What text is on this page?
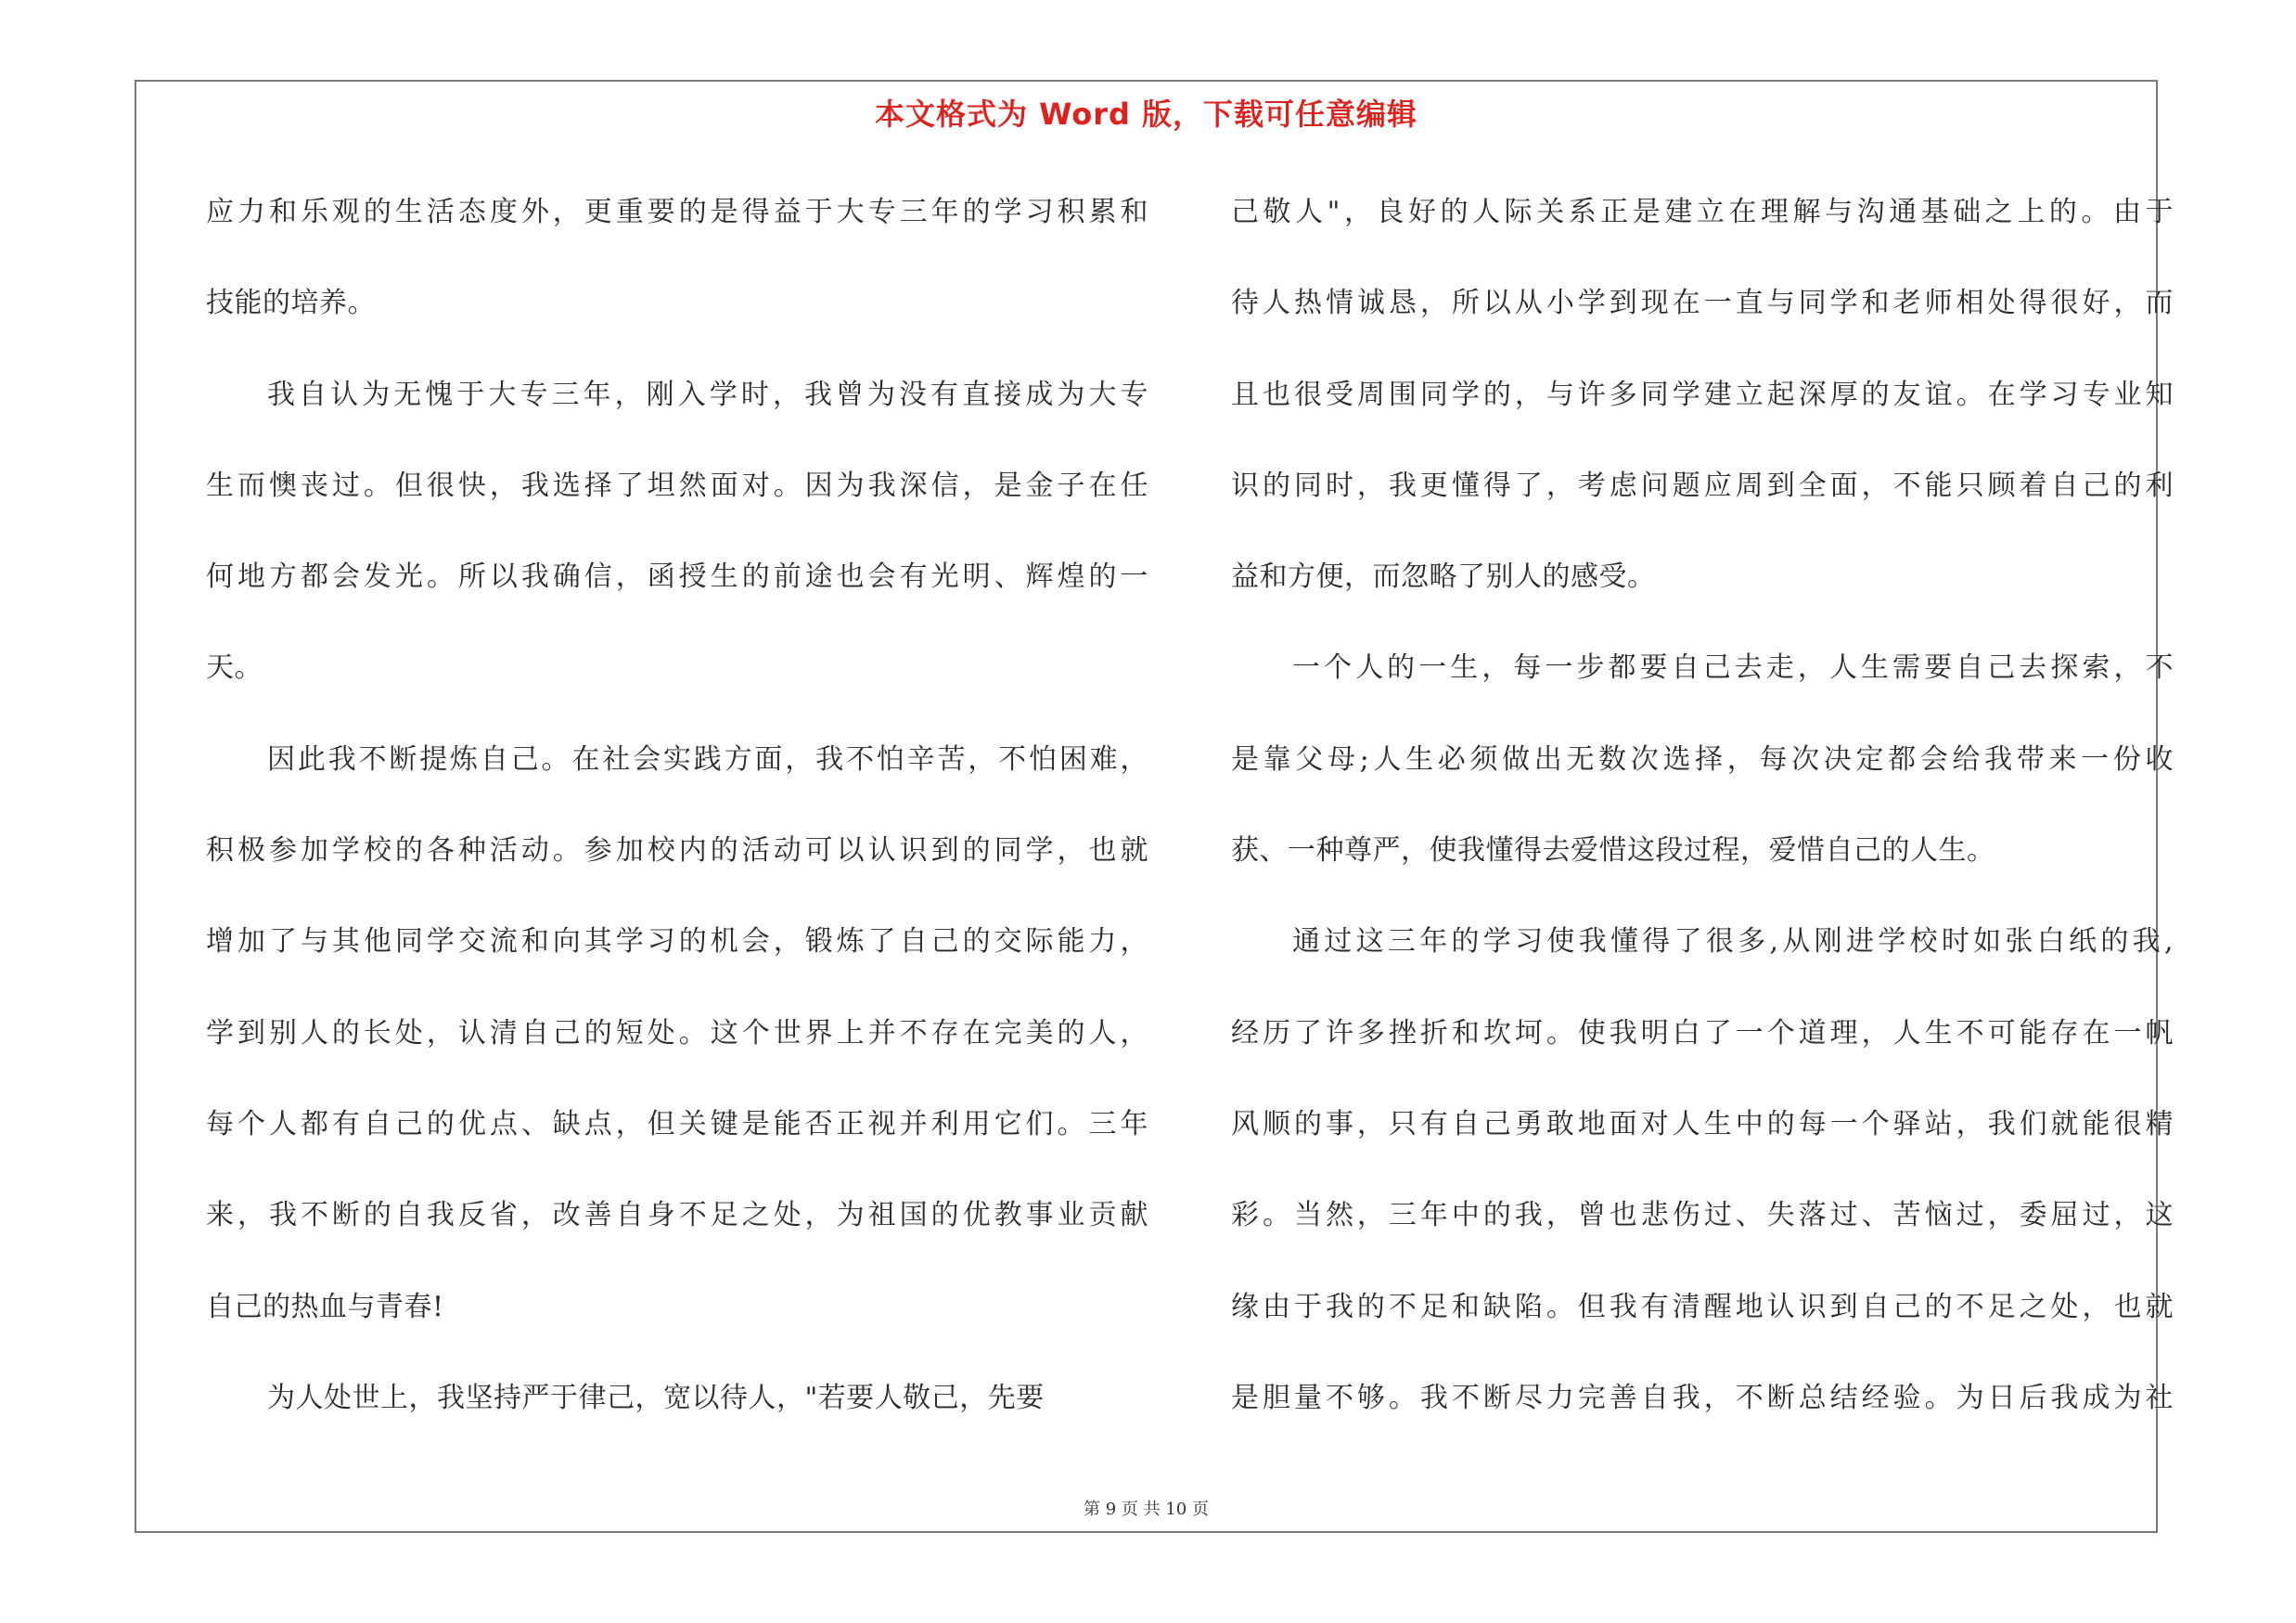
本文格式为 Word 版，下载可任意编辑
应力和乐观的生活态度外，更重要的是得益于大专三年的学习积累和
技能的培养。
我自认为无愧于大专三年，刚入学时，我曾为没有直接成为大专
生而懊丧过。但很快，我选择了坦然面对。因为我深信，是金子在任
何地方都会发光。所以我确信，函授生的前途也会有光明、辉煌的一
天。
因此我不断提炼自己。在社会实践方面，我不怕辛苦，不怕困难，
积极参加学校的各种活动。参加校内的活动可以认识到的同学，也就
增加了与其他同学交流和向其学习的机会，锻炼了自己的交际能力，
学到别人的长处，认清自己的短处。这个世界上并不存在完美的人，
每个人都有自己的优点、缺点，但关键是能否正视并利用它们。三年
来，我不断的自我反省，改善自身不足之处，为祖国的优教事业贡献
自己的热血与青春!
为人处世上，我坚持严于律己，宽以待人，"若要人敬己，先要
己敬人"，良好的人际关系正是建立在理解与沟通基础之上的。由于
待人热情诚恳，所以从小学到现在一直与同学和老师相处得很好，而
且也很受周围同学的，与许多同学建立起深厚的友谊。在学习专业知
识的同时，我更懂得了，考虑问题应周到全面，不能只顾着自己的利
益和方便，而忽略了别人的感受。
一个人的一生，每一步都要自己去走，人生需要自己去探索，不
是靠父母;人生必须做出无数次选择，每次决定都会给我带来一份收
获、一种尊严，使我懂得去爱惜这段过程，爱惜自己的人生。
通过这三年的学习使我懂得了很多,从刚进学校时如张白纸的我,
经历了许多挫折和坎坷。使我明白了一个道理，人生不可能存在一帆
风顺的事，只有自己勇敢地面对人生中的每一个驿站，我们就能很精
彩。当然，三年中的我，曾也悲伤过、失落过、苦恼过，委屈过，这
缘由于我的不足和缺陷。但我有清醒地认识到自己的不足之处，也就
是胆量不够。我不断尽力完善自我，不断总结经验。为日后我成为社
第 9 页 共 10 页
